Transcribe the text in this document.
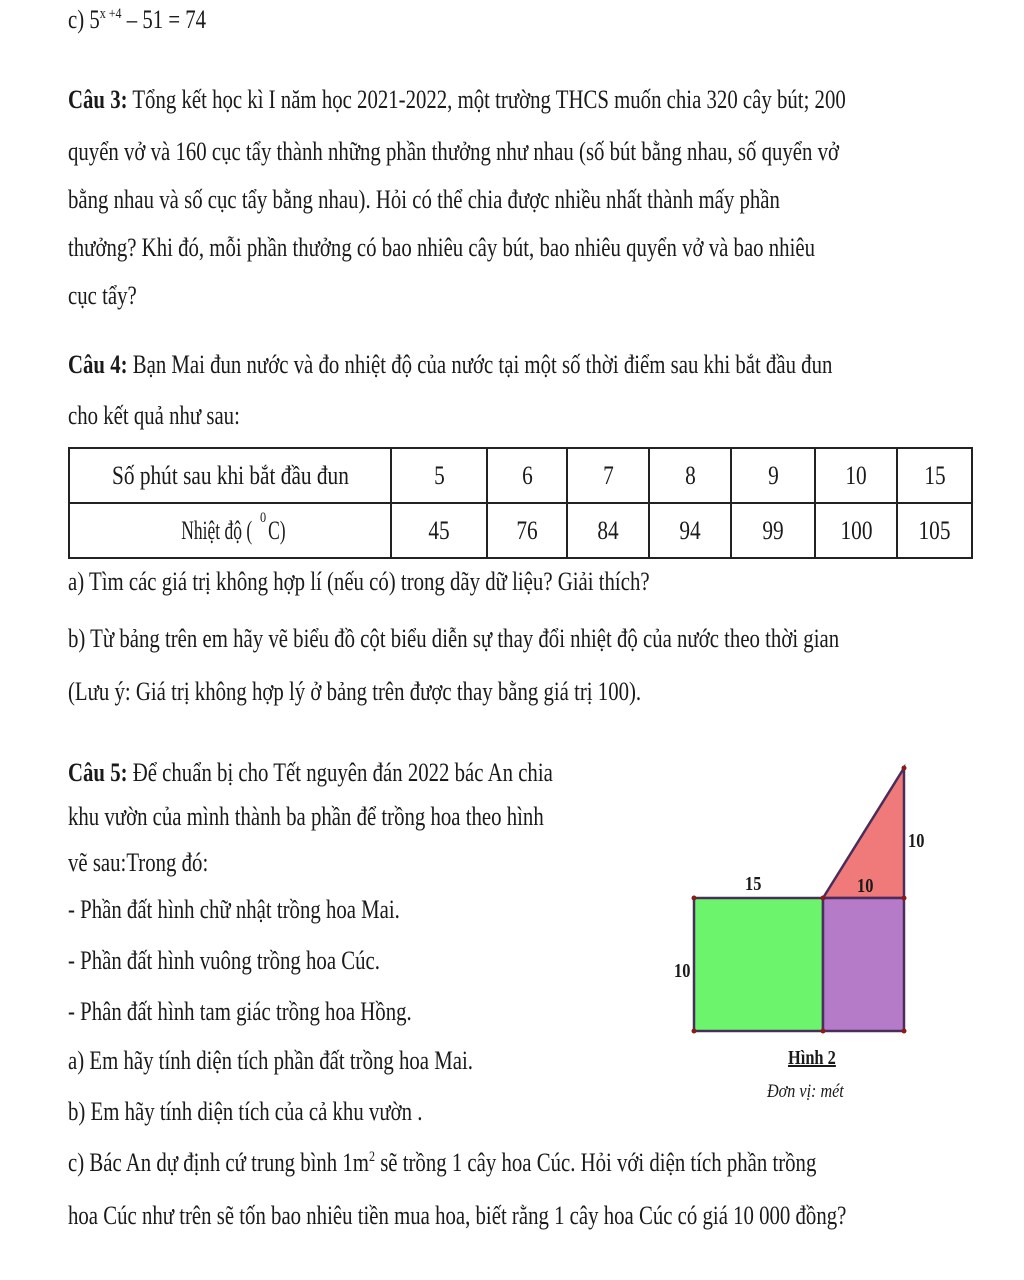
c) $5^{x +4} - 51 = 74$
Câu 3: Tổng kết học kì I năm học 2021-2022, một trường THCS muốn chia 320 cây bút; 200
quyển vở và 160 cục tẩy thành những phần thưởng như nhau (số bút bằng nhau, số quyển vở
bằng nhau và số cục tẩy bằng nhau). Hỏi có thể chia được nhiều nhất thành mấy phần
thưởng? Khi đó, mỗi phần thưởng có bao nhiêu cây bút, bao nhiêu quyển vở và bao nhiêu
cục tẩy?
Câu 4: Bạn Mai đun nước và đo nhiệt độ của nước tại một số thời điểm sau khi bắt đầu đun
cho kết quả như sau:
Số phút sau khi bắt đầu đun	5	6	7	8	9	10	15
Nhiệt độ ($^0$C)	45	76	84	94	99	100	105
a) Tìm các giá trị không hợp lí (nếu có) trong dãy dữ liệu? Giải thích?
b) Từ bảng trên em hãy vẽ biểu đồ cột biểu diễn sự thay đổi nhiệt độ của nước theo thời gian
(Lưu ý: Giá trị không hợp lý ở bảng trên được thay bằng giá trị 100).
Câu 5: Để chuẩn bị cho Tết nguyên đán 2022 bác An chia
khu vườn của mình thành ba phần để trồng hoa theo hình
vẽ sau:Trong đó:
- Phần đất hình chữ nhật trồng hoa Mai.
- Phần đất hình vuông trồng hoa Cúc.
- Phân đất hình tam giác trồng hoa Hồng.
a) Em hãy tính diện tích phần đất trồng hoa Mai.
b) Em hãy tính diện tích của cả khu vườn .
c) Bác An dự định cứ trung bình $1m^2$ sẽ trồng 1 cây hoa Cúc. Hỏi với diện tích phần trồng
hoa Cúc như trên sẽ tốn bao nhiêu tiền mua hoa, biết rằng 1 cây hoa Cúc có giá 10 000 đồng?
15	10
10
10
Hình 2
Đơn vị: mét
